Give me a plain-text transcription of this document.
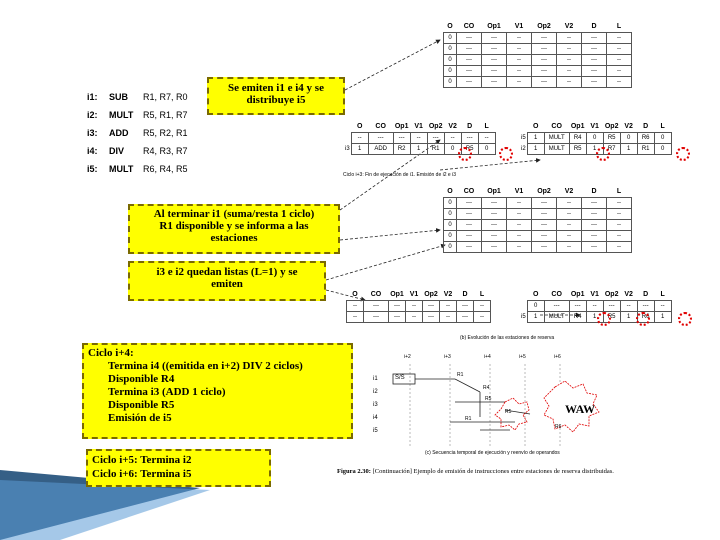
O	CO	Op1	V1	Op2	V2	D	L
0	---	---	--	---	--	---	--
0	---	---	--	---	--	---	--
0	---	---	--	---	--	---	--
0	---	---	--	---	--	---	--
0	---	---	--	---	--	---	--
i1: SUB R1, R7, R0
i2: MULT R5, R1, R7
i3: ADD R5, R2, R1
i4: DIV R4, R3, R7
i5: MULT R6, R4, R5
Se emiten i1 e i4 y se
distribuye i5
	O	CO	Op1	V1	Op2	V2	D	L
	--	---	---	--	---	--	---	--
i3	1	ADD	R2	1	R1	0	R5	0
	O	CO	Op1	V1	Op2	V2	D	L
i5	1	MULT	R4	0	R5	0	R6	0
i2	1	MULT	R5	1	R7	1	R1	0
Ciclo i+3: Fin de ejecución de i1. Emisión de i2 e i3
Al terminar i1 (suma/resta 1 ciclo)
R1 disponible y se informa a las
estaciones
O	CO	Op1	V1	Op2	V2	D	L
0	---	---	--	---	--	---	--
0	---	---	--	---	--	---	--
0	---	---	--	---	--	---	--
0	---	---	--	---	--	---	--
0	---	---	--	---	--	---	--
i3 e i2 quedan listas (L=1) y se
emiten
	O	CO	Op1	V1	Op2	V2	D	L
	--	---	---	--	---	--	---	--
	--	---	---	--	---	--	---	--
	O	CO	Op1	V1	Op2	V2	D	L
	0	---	---	--	---	--	---	--
i5	1	MULT	R4	1	R5	1	R6	1
(b) Evolución de las estaciones de reserva
Ciclo i+4:
Termina i4 ((emitida en i+2) DIV 2 ciclos)
Disponible R4
Termina i3 (ADD 1 ciclo)
Disponible R5
Emisión de i5
Ciclo i+5: Termina i2
Ciclo i+6: Termina i5
i+2	i+3	i+4	i+5	i+6
i1
i2
i3
i4
i5
S/S	R1
R4
R5
R5
R6
R1
WAW
(c) Secuencia temporal de ejecución y reenvío de operandos
Figura 2.30: [Continuación] Ejemplo de emisión de instrucciones entre estaciones de reserva distribuidas.
